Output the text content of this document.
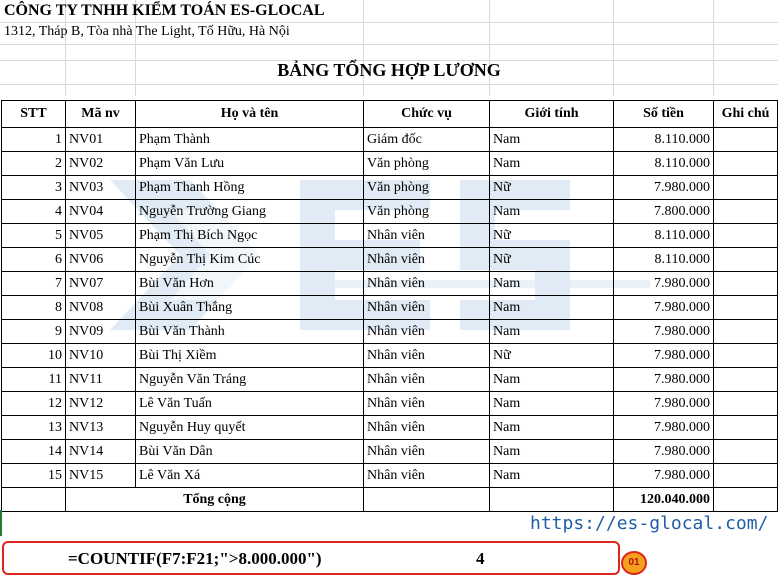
CÔNG TY TNHH KIỂM TOÁN ES-GLOCAL
1312, Tháp B, Tòa nhà The Light, Tố Hữu, Hà Nội
BẢNG TỔNG HỢP LƯƠNG
STT	Mã nv	Họ và tên	Chức vụ	Giới tính	Số tiền	Ghi chú
1	NV01	Phạm Thành	Giám đốc	Nam	8.110.000	
2	NV02	Phạm Văn Lưu	Văn phòng	Nam	8.110.000	
3	NV03	Phạm Thanh Hồng	Văn phòng	Nữ	7.980.000	
4	NV04	Nguyễn Trường Giang	Văn phòng	Nam	7.800.000	
5	NV05	Phạm Thị Bích Ngọc	Nhân viên	Nữ	8.110.000	
6	NV06	Nguyễn Thị Kim Cúc	Nhân viên	Nữ	8.110.000	
7	NV07	Bùi Văn Hơn	Nhân viên	Nam	7.980.000	
8	NV08	Bùi Xuân Thắng	Nhân viên	Nam	7.980.000	
9	NV09	Bùi Văn Thành	Nhân viên	Nam	7.980.000	
10	NV10	Bùi Thị Xiềm	Nhân viên	Nữ	7.980.000	
11	NV11	Nguyễn Văn Tráng	Nhân viên	Nam	7.980.000	
12	NV12	Lê Văn Tuấn	Nhân viên	Nam	7.980.000	
13	NV13	Nguyễn Huy quyết	Nhân viên	Nam	7.980.000	
14	NV14	Bùi Văn Dân	Nhân viên	Nam	7.980.000	
15	NV15	Lê Văn Xá	Nhân viên	Nam	7.980.000	
	Tổng cộng				120.040.000	
https://es-glocal.com/
=COUNTIF(F7:F21;">8.000.000")	4	01
